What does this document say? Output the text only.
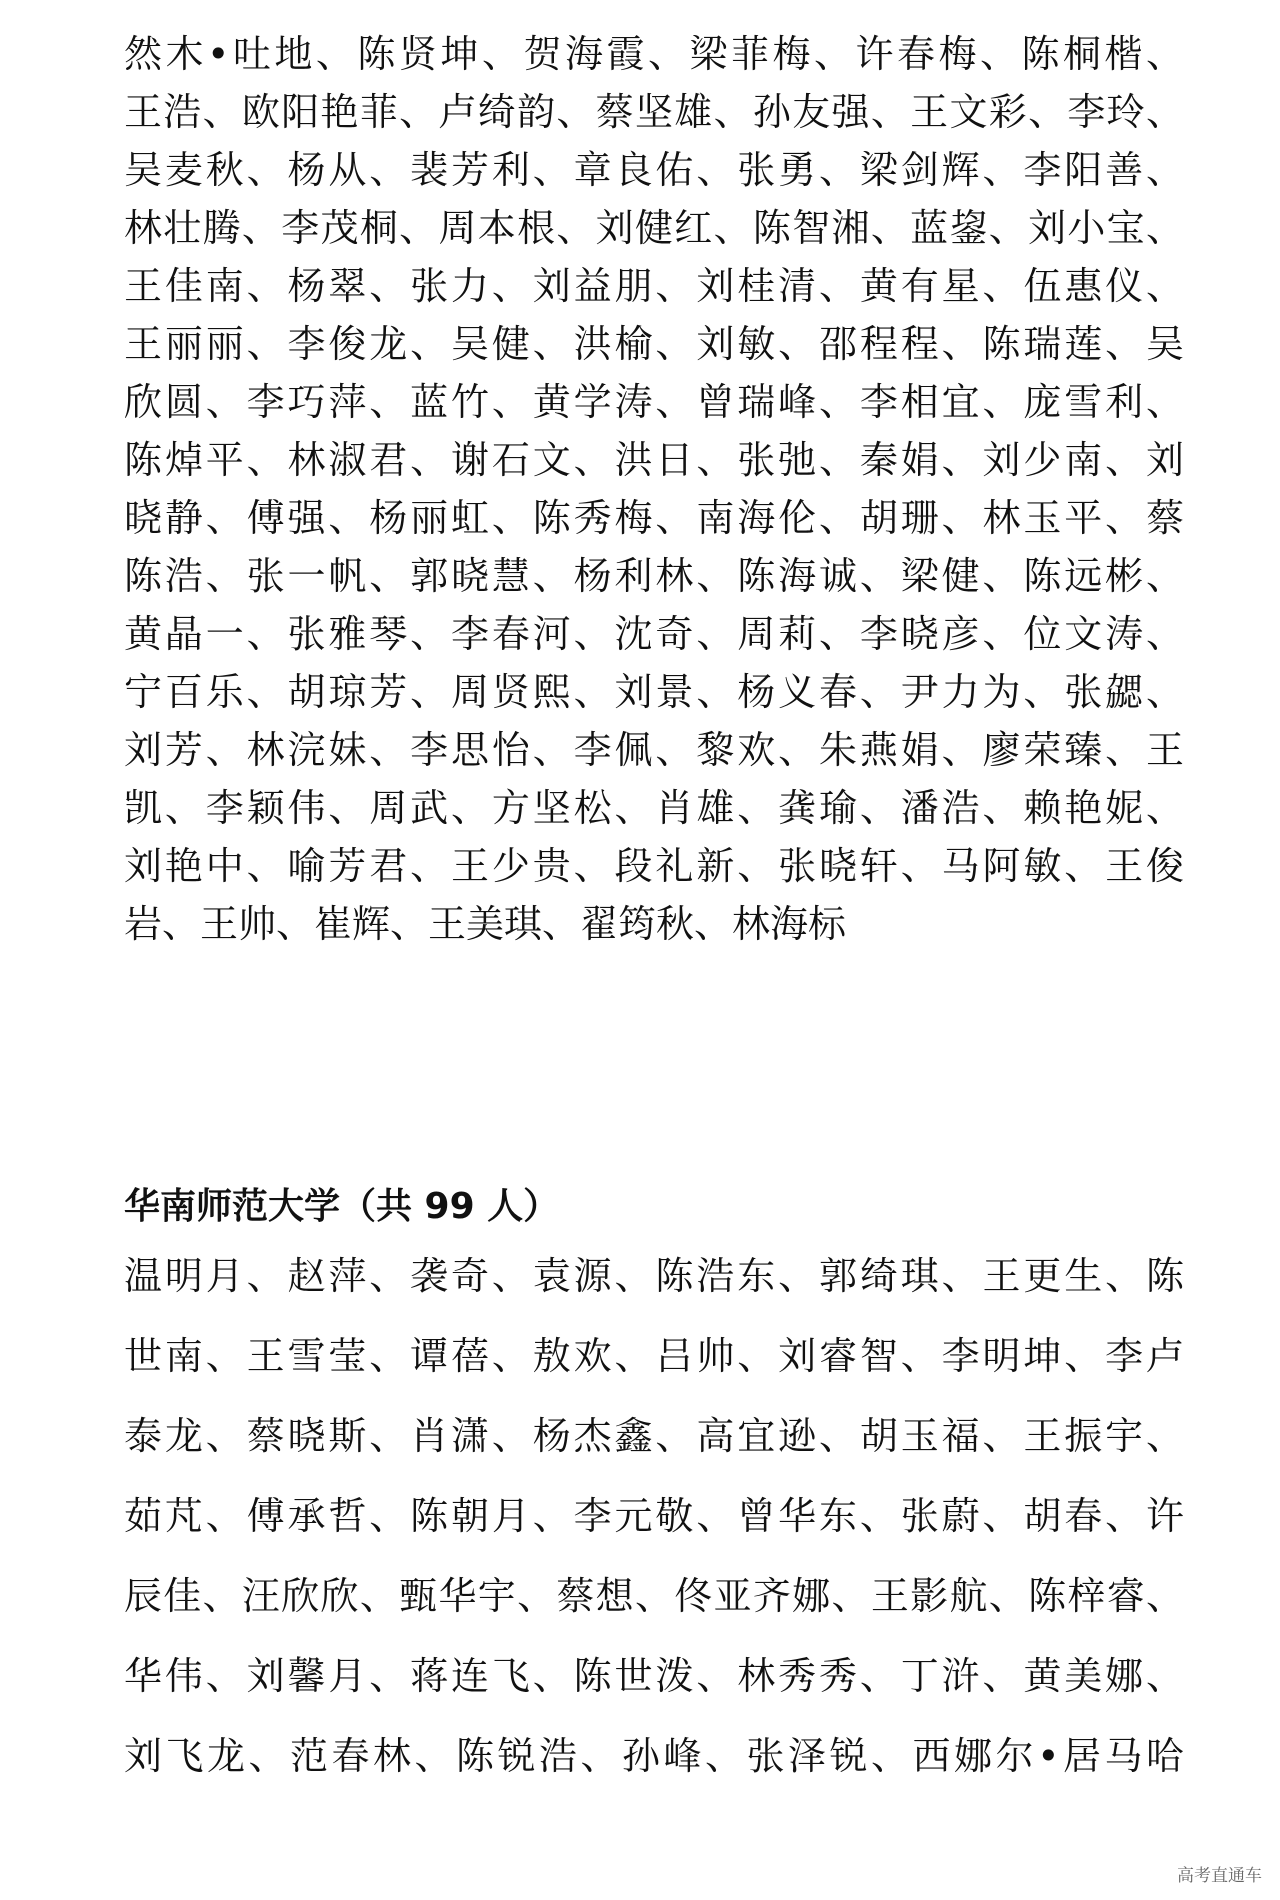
然木•吐地、陈贤坤、贺海霞、梁菲梅、许春梅、陈桐楷、
王浩、欧阳艳菲、卢绮韵、蔡坚雄、孙友强、王文彩、李玲、
吴麦秋、杨从、裴芳利、章良佑、张勇、梁剑辉、李阳善、
林壮腾、李茂桐、周本根、刘健红、陈智湘、蓝鋆、刘小宝、
王佳南、杨翠、张力、刘益朋、刘桂清、黄有星、伍惠仪、
王丽丽、李俊龙、吴健、洪榆、刘敏、邵程程、陈瑞莲、吴
欣圆、李巧萍、蓝竹、黄学涛、曾瑞峰、李相宜、庞雪利、
陈焯平、林淑君、谢石文、洪日、张弛、秦娟、刘少南、刘
晓静、傅强、杨丽虹、陈秀梅、南海伦、胡珊、林玉平、蔡
陈浩、张一帆、郭晓慧、杨利林、陈海诚、梁健、陈远彬、
黄晶一、张雅琴、李春河、沈奇、周莉、李晓彦、位文涛、
宁百乐、胡琼芳、周贤熙、刘景、杨义春、尹力为、张勰、
刘芳、林浣妹、李思怡、李佩、黎欢、朱燕娟、廖荣臻、王
凯、李颖伟、周武、方坚松、肖雄、龚瑜、潘浩、赖艳妮、
刘艳中、喻芳君、王少贵、段礼新、张晓轩、马阿敏、王俊
岩、王帅、崔辉、王美琪、翟筠秋、林海标
华南师范大学（共 99 人）
温明月、赵萍、袭奇、袁源、陈浩东、郭绮琪、王更生、陈
世南、王雪莹、谭蓓、敖欢、吕帅、刘睿智、李明坤、李卢
泰龙、蔡晓斯、肖潇、杨杰鑫、高宜逊、胡玉福、王振宇、
茹芃、傅承哲、陈朝月、李元敬、曾华东、张蔚、胡春、许
辰佳、汪欣欣、甄华宇、蔡想、佟亚齐娜、王影航、陈梓睿、
华伟、刘馨月、蒋连飞、陈世泼、林秀秀、丁浒、黄美娜、
刘飞龙、范春林、陈锐浩、孙峰、张泽锐、西娜尔•居马哈
高考直通车
